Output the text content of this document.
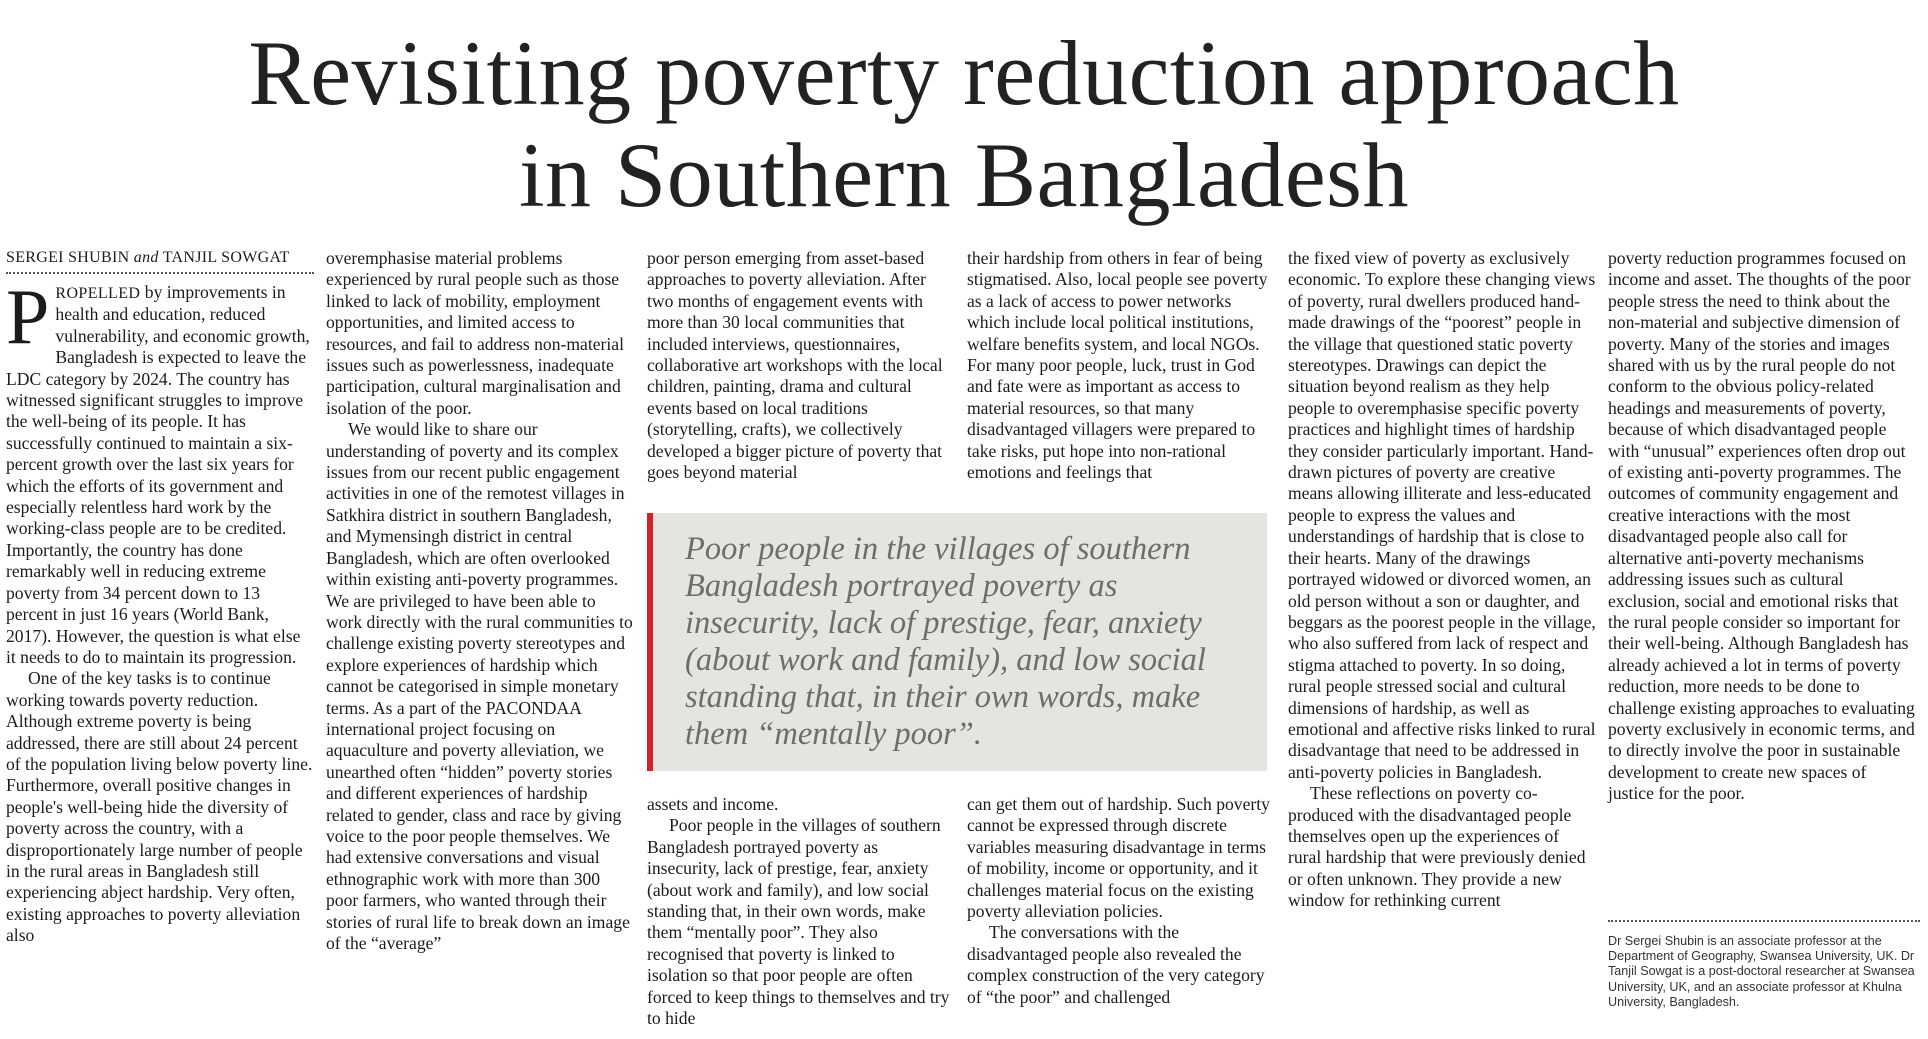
Revisiting poverty reduction approach
in Southern Bangladesh
SERGEI SHUBIN and TANJIL SOWGAT

PROPELLED by improvements in health and education, reduced vulnerability, and economic growth, Bangladesh is expected to leave the LDC category by 2024. The country has witnessed significant struggles to improve the well-being of its people. It has successfully continued to maintain a six-percent growth over the last six years for which the efforts of its government and especially relentless hard work by the working-class people are to be credited. Importantly, the country has done remarkably well in reducing extreme poverty from 34 percent down to 13 percent in just 16 years (World Bank, 2017). However, the question is what else it needs to do to maintain its progression.

One of the key tasks is to continue working towards poverty reduction. Although extreme poverty is being addressed, there are still about 24 percent of the population living below poverty line. Furthermore, overall positive changes in people's well-being hide the diversity of poverty across the country, with a disproportionately large number of people in the rural areas in Bangladesh still experiencing abject hardship. Very often, existing approaches to poverty alleviation also

overemphasise material problems experienced by rural people such as those linked to lack of mobility, employment opportunities, and limited access to resources, and fail to address non-material issues such as powerlessness, inadequate participation, cultural marginalisation and isolation of the poor.

We would like to share our understanding of poverty and its complex issues from our recent public engagement activities in one of the remotest villages in Satkhira district in southern Bangladesh, and Mymensingh district in central Bangladesh, which are often overlooked within existing anti-poverty programmes. We are privileged to have been able to work directly with the rural communities to challenge existing poverty stereotypes and explore experiences of hardship which cannot be categorised in simple monetary terms. As a part of the PACONDAA international project focusing on aquaculture and poverty alleviation, we unearthed often “hidden” poverty stories and different experiences of hardship related to gender, class and race by giving voice to the poor people themselves. We had extensive conversations and visual ethnographic work with more than 300 poor farmers, who wanted through their stories of rural life to break down an image of the “average”

poor person emerging from asset-based approaches to poverty alleviation. After two months of engagement events with more than 30 local communities that included interviews, questionnaires, collaborative art workshops with the local children, painting, drama and cultural events based on local traditions (storytelling, crafts), we collectively developed a bigger picture of poverty that goes beyond material

assets and income.

Poor people in the villages of southern Bangladesh portrayed poverty as insecurity, lack of prestige, fear, anxiety (about work and family), and low social standing that, in their own words, make them “mentally poor”. They also recognised that poverty is linked to isolation so that poor people are often forced to keep things to themselves and try to hide

their hardship from others in fear of being stigmatised. Also, local people see poverty as a lack of access to power networks which include local political institutions, welfare benefits system, and local NGOs. For many poor people, luck, trust in God and fate were as important as access to material resources, so that many disadvantaged villagers were prepared to take risks, put hope into non-rational emotions and feelings that

can get them out of hardship. Such poverty cannot be expressed through discrete variables measuring disadvantage in terms of mobility, income or opportunity, and it challenges material focus on the existing poverty alleviation policies.

The conversations with the disadvantaged people also revealed the complex construction of the very category of “the poor” and challenged

Poor people in the villages of southern Bangladesh portrayed poverty as insecurity, lack of prestige, fear, anxiety (about work and family), and low social standing that, in their own words, make them “mentally poor”.

the fixed view of poverty as exclusively economic. To explore these changing views of poverty, rural dwellers produced hand-made drawings of the “poorest” people in the village that questioned static poverty stereotypes. Drawings can depict the situation beyond realism as they help people to overemphasise specific poverty practices and highlight times of hardship they consider particularly important. Hand-drawn pictures of poverty are creative means allowing illiterate and less-educated people to express the values and understandings of hardship that is close to their hearts. Many of the drawings portrayed widowed or divorced women, an old person without a son or daughter, and beggars as the poorest people in the village, who also suffered from lack of respect and stigma attached to poverty. In so doing, rural people stressed social and cultural dimensions of hardship, as well as emotional and affective risks linked to rural disadvantage that need to be addressed in anti-poverty policies in Bangladesh.

These reflections on poverty co-produced with the disadvantaged people themselves open up the experiences of rural hardship that were previously denied or often unknown. They provide a new window for rethinking current

poverty reduction programmes focused on income and asset. The thoughts of the poor people stress the need to think about the non-material and subjective dimension of poverty. Many of the stories and images shared with us by the rural people do not conform to the obvious policy-related headings and measurements of poverty, because of which disadvantaged people with “unusual” experiences often drop out of existing anti-poverty programmes. The outcomes of community engagement and creative interactions with the most disadvantaged people also call for alternative anti-poverty mechanisms addressing issues such as cultural exclusion, social and emotional risks that the rural people consider so important for their well-being. Although Bangladesh has already achieved a lot in terms of poverty reduction, more needs to be done to challenge existing approaches to evaluating poverty exclusively in economic terms, and to directly involve the poor in sustainable development to create new spaces of justice for the poor.

Dr Sergei Shubin is an associate professor at the Department of Geography, Swansea University, UK. Dr Tanjil Sowgat is a post-doctoral researcher at Swansea University, UK, and an associate professor at Khulna University, Bangladesh.
